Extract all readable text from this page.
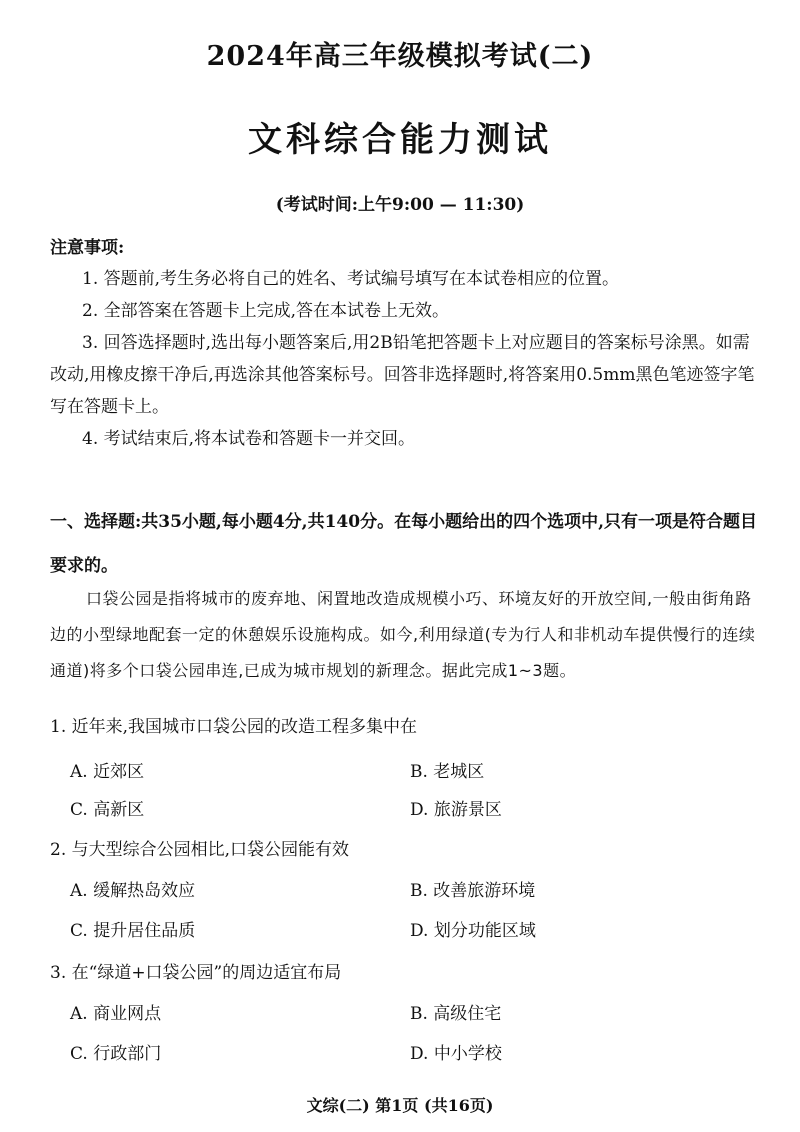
2024年高三年级模拟考试(二)
文科综合能力测试
(考试时间:上午9:00 — 11:30)
注意事项:
1. 答题前,考生务必将自己的姓名、考试编号填写在本试卷相应的位置。
2. 全部答案在答题卡上完成,答在本试卷上无效。
3. 回答选择题时,选出每小题答案后,用2B铅笔把答题卡上对应题目的答案标号涂黑。如需改动,用橡皮擦干净后,再选涂其他答案标号。回答非选择题时,将答案用0.5mm黑色笔迹签字笔写在答题卡上。
4. 考试结束后,将本试卷和答题卡一并交回。
一、选择题:共35小题,每小题4分,共140分。在每小题给出的四个选项中,只有一项是符合题目要求的。
口袋公园是指将城市的废弃地、闲置地改造成规模小巧、环境友好的开放空间,一般由街角路边的小型绿地配套一定的休憩娱乐设施构成。如今,利用绿道(专为行人和非机动车提供慢行的连续通道)将多个口袋公园串连,已成为城市规划的新理念。据此完成1~3题。
1. 近年来,我国城市口袋公园的改造工程多集中在
A. 近郊区	B. 老城区
C. 高新区	D. 旅游景区
2. 与大型综合公园相比,口袋公园能有效
A. 缓解热岛效应	B. 改善旅游环境
C. 提升居住品质	D. 划分功能区域
3. 在“绿道+口袋公园”的周边适宜布局
A. 商业网点	B. 高级住宅
C. 行政部门	D. 中小学校
文综(二) 第1页 (共16页)
